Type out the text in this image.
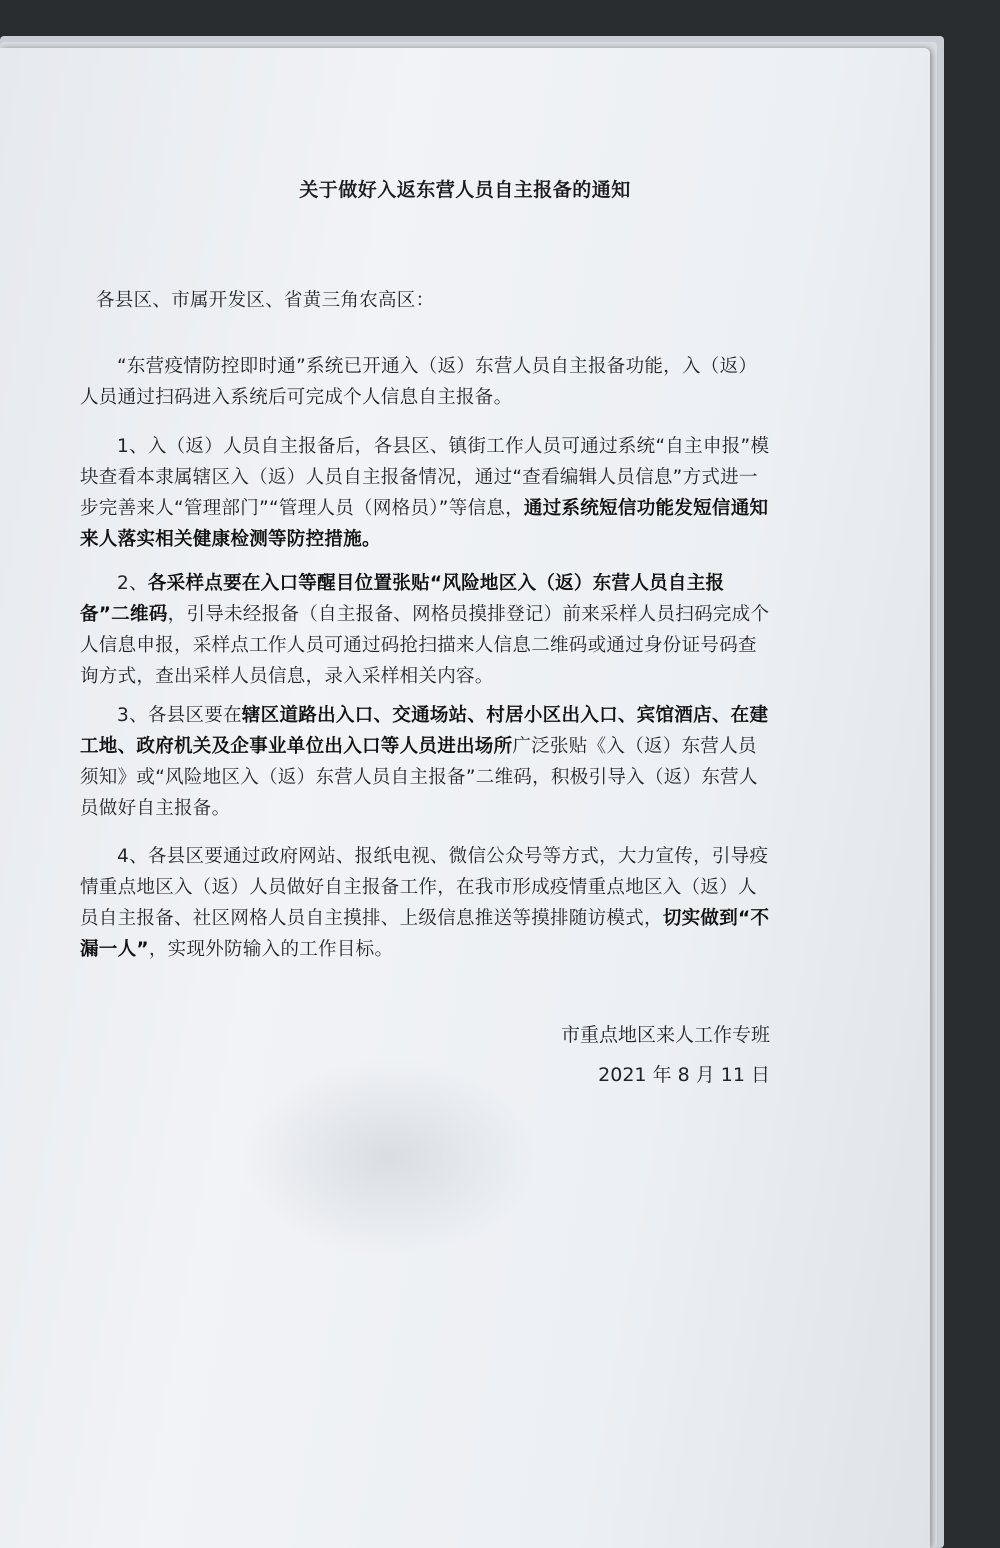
关于做好入返东营人员自主报备的通知
各县区、市属开发区、省黄三角农高区：
“东营疫情防控即时通”系统已开通入（返）东营人员自主报备功能，入（返）人员通过扫码进入系统后可完成个人信息自主报备。
1、入（返）人员自主报备后，各县区、镇街工作人员可通过系统“自主申报”模块查看本隶属辖区入（返）人员自主报备情况，通过“查看编辑人员信息”方式进一步完善来人“管理部门”“管理人员（网格员）”等信息，通过系统短信功能发短信通知来人落实相关健康检测等防控措施。
2、各采样点要在入口等醒目位置张贴“风险地区入（返）东营人员自主报备”二维码，引导未经报备（自主报备、网格员摸排登记）前来采样人员扫码完成个人信息申报，采样点工作人员可通过码抢扫描来人信息二维码或通过身份证号码查询方式，查出采样人员信息，录入采样相关内容。
3、各县区要在辖区道路出入口、交通场站、村居小区出入口、宾馆酒店、在建工地、政府机关及企事业单位出入口等人员进出场所广泛张贴《入（返）东营人员须知》或“风险地区入（返）东营人员自主报备”二维码，积极引导入（返）东营人员做好自主报备。
4、各县区要通过政府网站、报纸电视、微信公众号等方式，大力宣传，引导疫情重点地区入（返）人员做好自主报备工作，在我市形成疫情重点地区入（返）人员自主报备、社区网格人员自主摸排、上级信息推送等摸排随访模式，切实做到“不漏一人”，实现外防输入的工作目标。
市重点地区来人工作专班
2021 年 8 月 11 日
